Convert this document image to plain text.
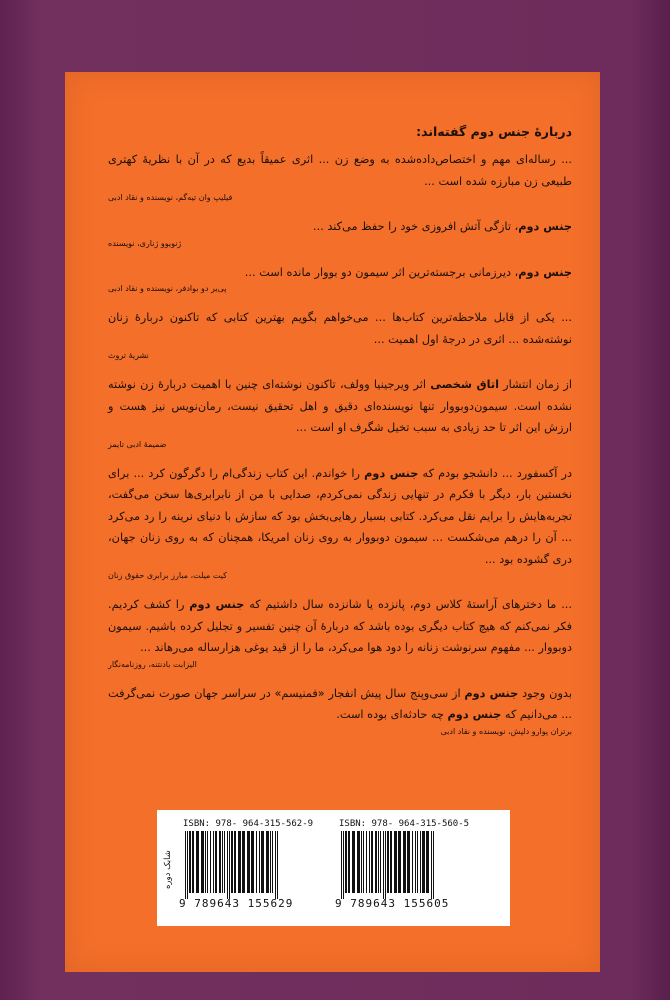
دربارهٔ جنس دوم گفته‌اند:

... رساله‌ای مهم و اختصاص‌داده‌شده به وضع زن ... اثری عمیقاً بدیع که در آن با نظریهٔ کهتری طبیعی زن مبارزه شده است ...

فیلیپ وان تیه‌گم، نویسنده و نقاد ادبی

جنس دوم، تازگی آتش افروزی خود را حفظ می‌کند ...

ژنویوو ژناری، نویسنده

جنس دوم، دیرزمانی برجسته‌ترین اثر سیمون دو بووار مانده است ...

پی‌یر دو بوادفر، نویسنده و نقاد ادبی

... یکی از قابل ملاحظه‌ترین کتاب‌ها ... می‌خواهم بگویم بهترین کتابی که تاکنون دربارهٔ زنان نوشته‌شده ... اثری در درجهٔ اول اهمیت ...

نشریهٔ تروث

از زمان انتشار اتاق شخصی اثر ویرجینیا وولف، تاکنون نوشته‌ای چنین با اهمیت دربارهٔ زن نوشته نشده است. سیمون‌دوبووار تنها نویسنده‌ای دقیق و اهل تحقیق نیست، رمان‌نویس نیز هست و ارزش این اثر تا حد زیادی به سبب تخیل شگرف او است ...

ضمیمهٔ ادبی تایمز

در آکسفورد ... دانشجو بودم که جنس دوم را خواندم. این کتاب زندگی‌ام را دگرگون کرد ... برای نخستین بار، دیگر با فکرم در تنهایی زندگی نمی‌کردم، صدایی با من از نابرابری‌ها سخن می‌گفت، تجربه‌هایش را برایم نقل می‌کرد. کتابی بسیار رهایی‌بخش بود که سازش با دنیای نرینه را رد می‌کرد ... آن را درهم می‌شکست ... سیمون دوبووار به روی زنان امریکا، همچنان که به روی زنان جهان، دری گشوده بود ...

کیت میلت، مبارز برابری حقوق زنان

... ما دخترهای آراستهٔ کلاس دوم، پانزده یا شانزده سال داشتیم که جنس دوم را کشف کردیم. فکر نمی‌کنم که هیچ کتاب دیگری بوده باشد که دربارهٔ آن چنین تفسیر و تجلیل کرده باشیم. سیمون دوبووار ... مفهوم سرنوشت زنانه را دود هوا می‌کرد، ما را از قید یوغی هزارساله می‌رهاند ...

الیزابت بادنتنه، روزنامه‌نگار

بدون وجود جنس دوم از سی‌وپنج سال پیش انفجار «فمنیسم» در سراسر جهان صورت نمی‌گرفت ... می‌دانیم که جنس دوم چه حادثه‌ای بوده است.

برتران پوارو دلپش، نویسنده و نقاد ادبی

شابک دوره
ISBN: 978- 964-315-562-9
9 789643 155629
ISBN: 978- 964-315-560-5
9 789643 155605
